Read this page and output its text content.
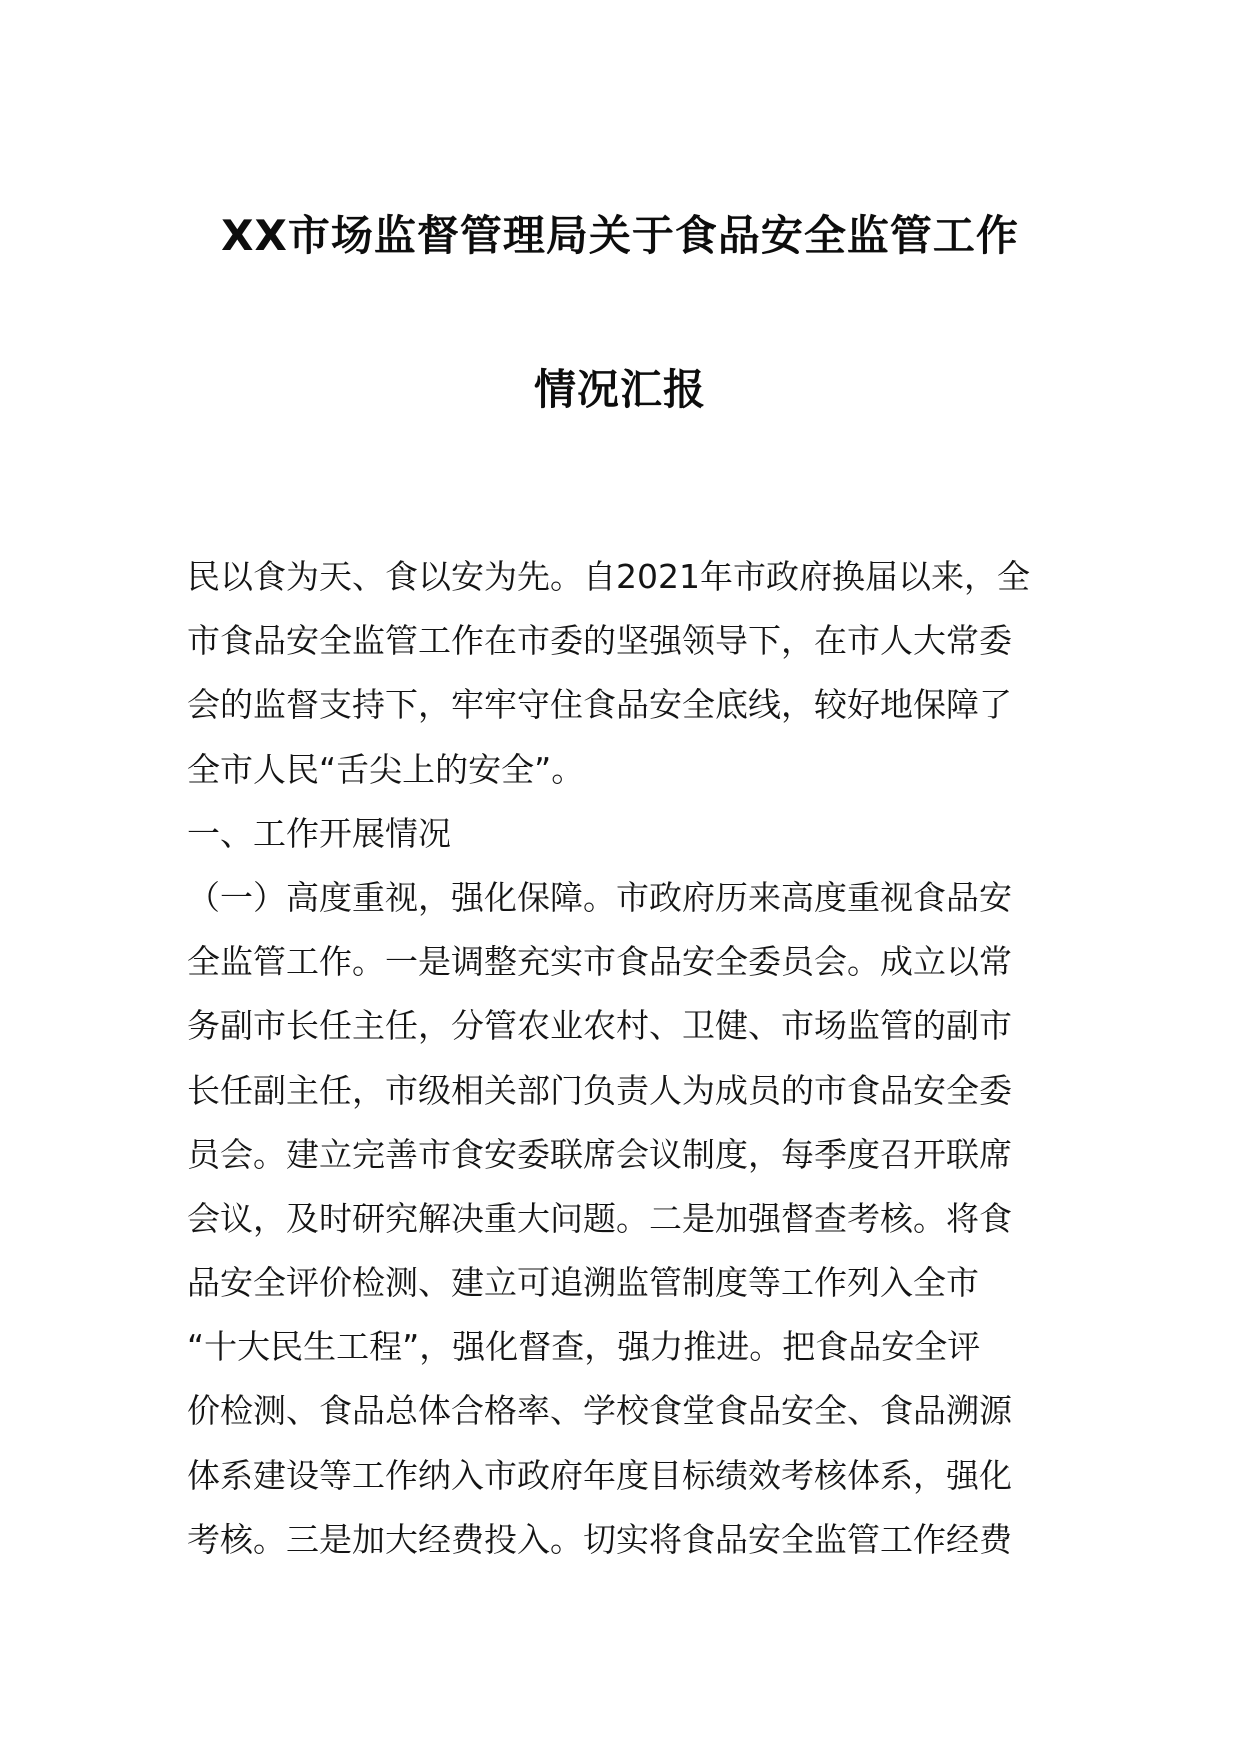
XX市场监督管理局关于食品安全监管工作
情况汇报
民以食为天、食以安为先。自2021年市政府换届以来，全
市食品安全监管工作在市委的坚强领导下，在市人大常委
会的监督支持下，牢牢守住食品安全底线，较好地保障了
全市人民“舌尖上的安全”。
一、工作开展情况
（一）高度重视，强化保障。市政府历来高度重视食品安
全监管工作。一是调整充实市食品安全委员会。成立以常
务副市长任主任，分管农业农村、卫健、市场监管的副市
长任副主任，市级相关部门负责人为成员的市食品安全委
员会。建立完善市食安委联席会议制度，每季度召开联席
会议，及时研究解决重大问题。二是加强督查考核。将食
品安全评价检测、建立可追溯监管制度等工作列入全市
“十大民生工程”，强化督查，强力推进。把食品安全评
价检测、食品总体合格率、学校食堂食品安全、食品溯源
体系建设等工作纳入市政府年度目标绩效考核体系，强化
考核。三是加大经费投入。切实将食品安全监管工作经费
